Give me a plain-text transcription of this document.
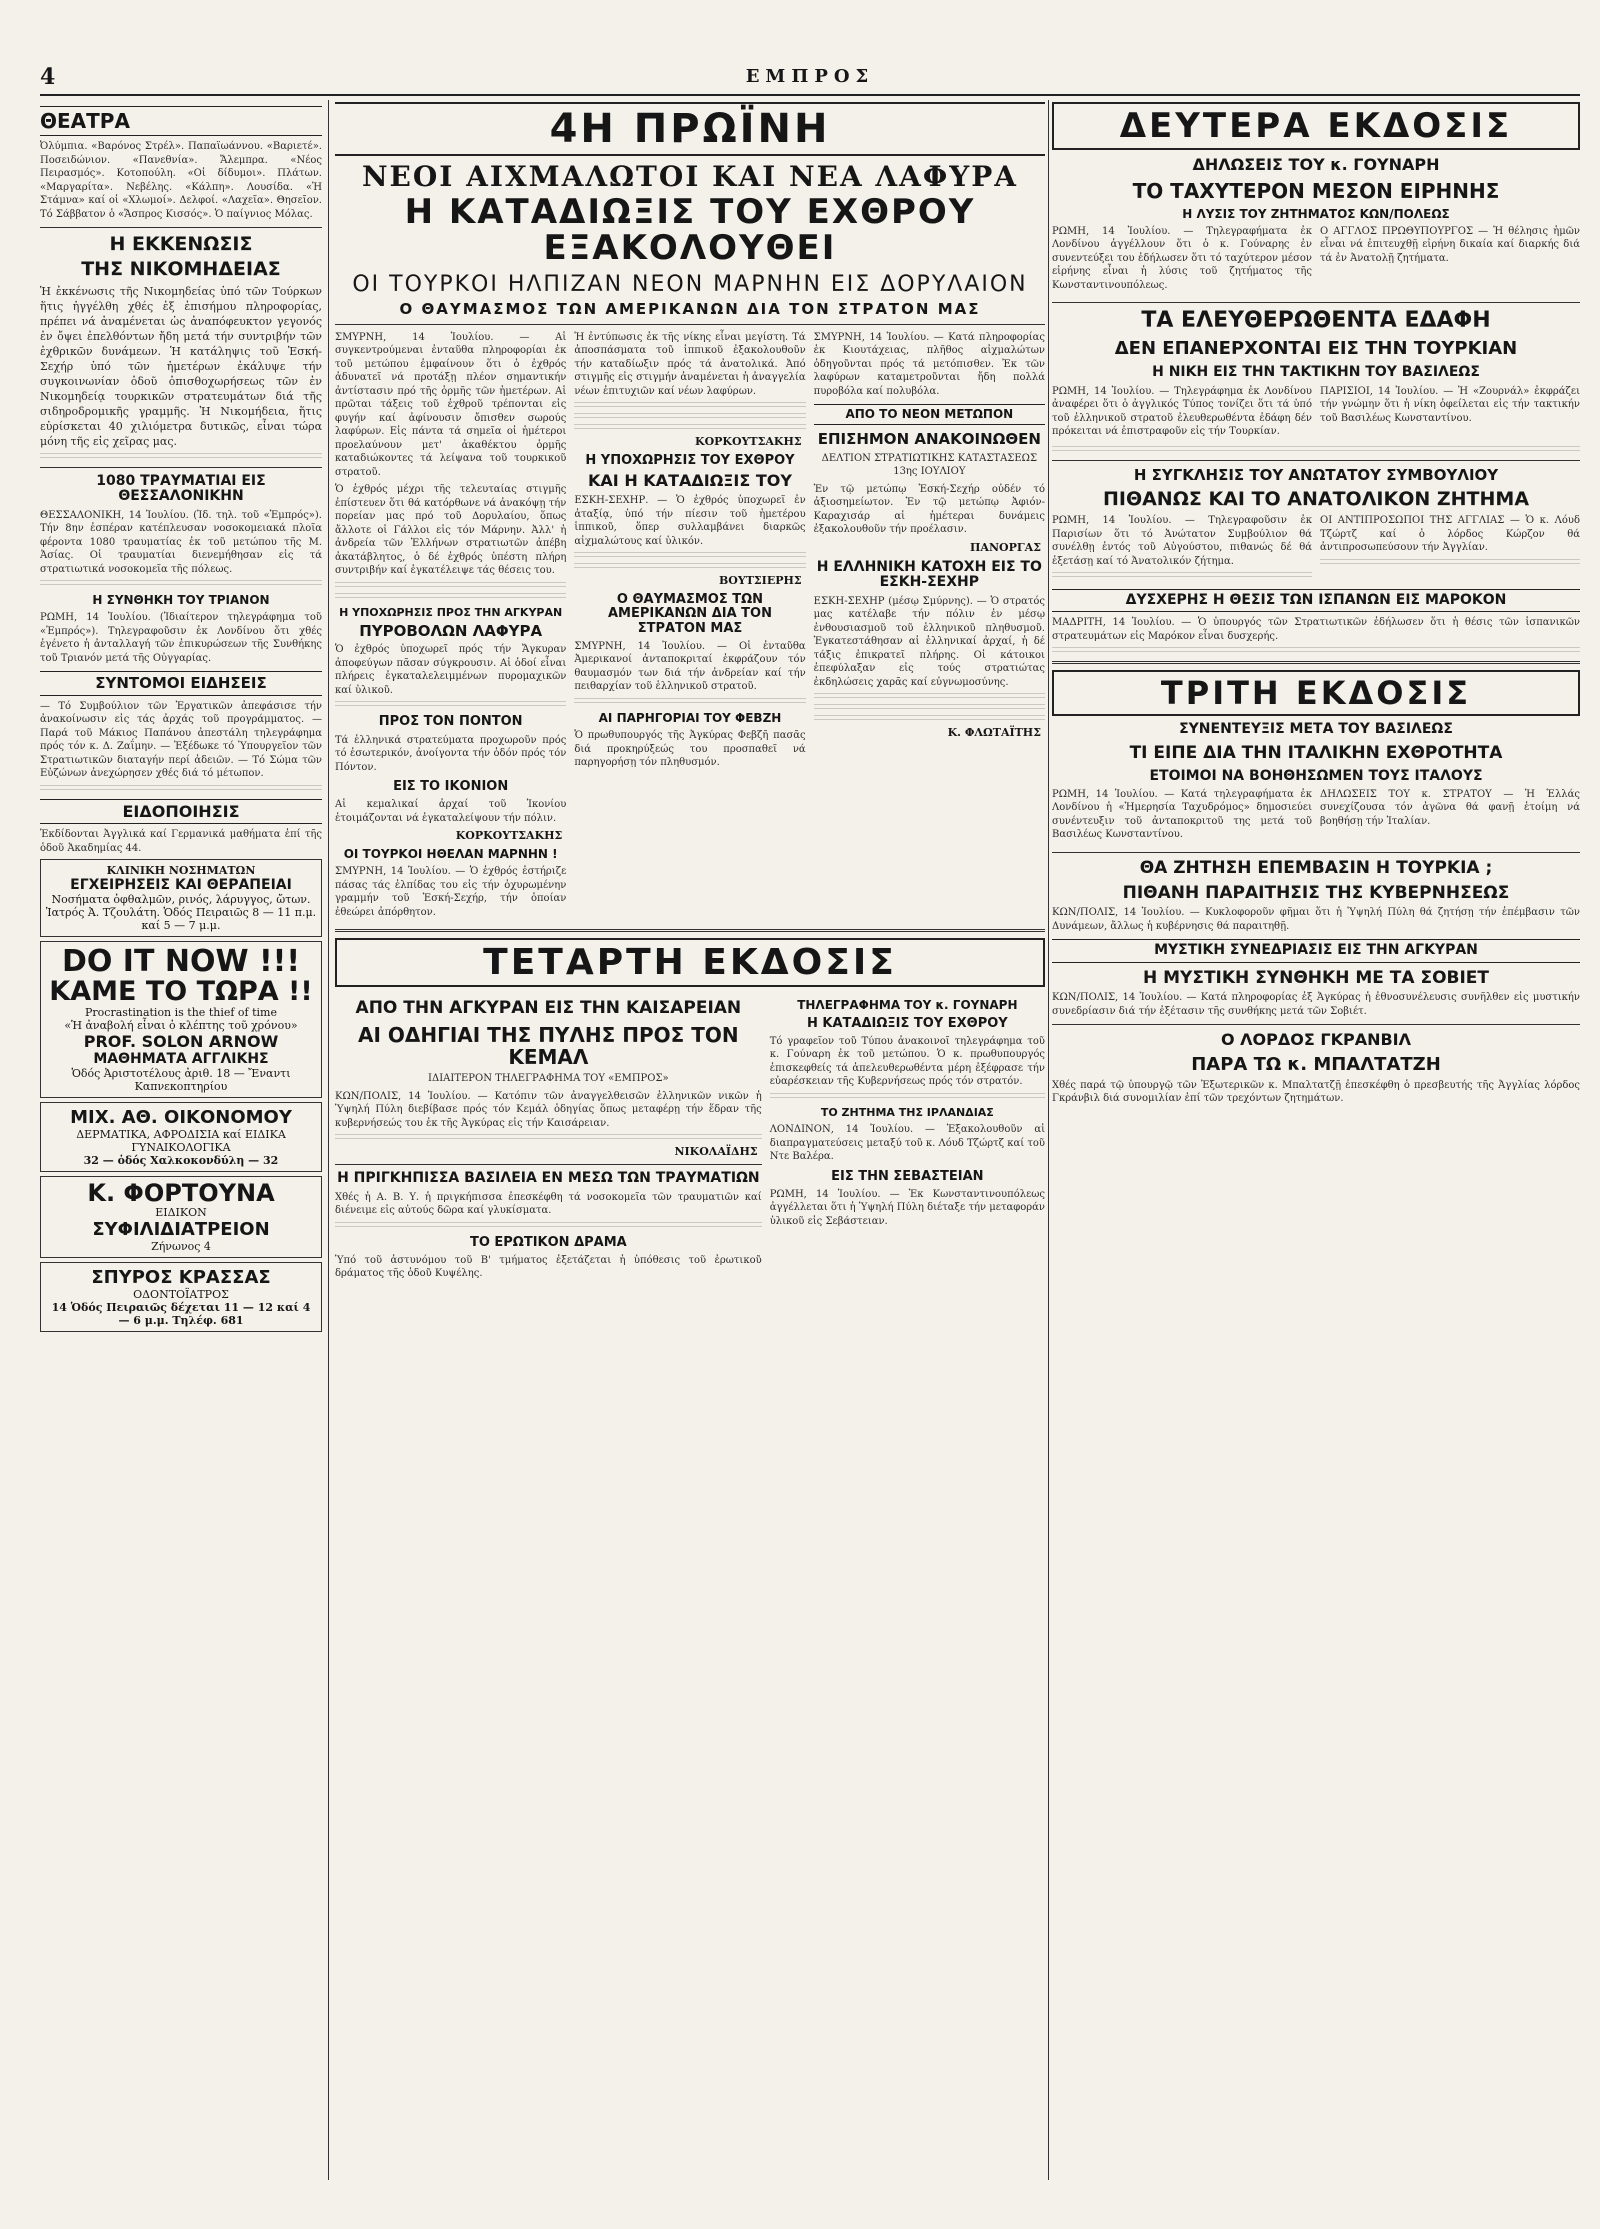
4	ΕΜΠΡΟΣ
ΘΕΑΤΡΑ

Ὀλύμπια. «Βαρόνος Στρέλ». Παπαϊωάννου. «Βαριετέ». Ποσειδώνιον. «Πανεθνία». Ἄλεμπρα. «Νέος Πειρασμός». Κοτοπούλη. «Οἱ δίδυμοι». Πλάτων. «Μαργαρίτα». Νεβέλης. «Κάλπη». Λουσίδα. «Ἡ Στάμνα» καί οἱ «Χλωμοί». Δελφοί. «Λαχεῖα». Θησεῖον. Τό Σάββατον ὁ «Ἄσπρος Κισσός». Ὁ παίγνιος Μόλας.

Η ΕΚΚΕΝΩΣΙΣ
ΤΗΣ ΝΙΚΟΜΗΔΕΙΑΣ

Ἡ ἐκκένωσις τῆς Νικομηδείας ὑπό τῶν Τούρκων ἥτις ἠγγέλθη χθές ἐξ ἐπισήμου πληροφορίας, πρέπει νά ἀναμένεται ὡς ἀναπόφευκτον γεγονός ἐν ὄψει ἐπελθόντων ἤδη μετά τήν συντριβήν τῶν ἐχθρικῶν δυνάμεων. Ἡ κατάληψις τοῦ Ἐσκή-Σεχήρ ὑπό τῶν ἡμετέρων ἐκάλυψε τήν συγκοινωνίαν ὁδοῦ ὀπισθοχωρήσεως τῶν ἐν Νικομηδείᾳ τουρκικῶν στρατευμάτων διά τῆς σιδηροδρομικῆς γραμμῆς. Ἡ Νικομήδεια, ἥτις εὑρίσκεται 40 χιλιόμετρα δυτικῶς, εἶναι τώρα μόνη τῆς εἰς χεῖρας μας.

1080 ΤΡΑΥΜΑΤΙΑΙ ΕΙΣ ΘΕΣΣΑΛΟΝΙΚΗΝ

ΘΕΣΣΑΛΟΝΙΚΗ, 14 Ἰουλίου. (Ἰδ. τηλ. τοῦ «Ἐμπρός»). Τήν 8ην ἐσπέραν κατέπλευσαν νοσοκομειακά πλοῖα φέροντα 1080 τραυματίας ἐκ τοῦ μετώπου τῆς Μ. Ἀσίας. Οἱ τραυματίαι διενεμήθησαν εἰς τά στρατιωτικά νοσοκομεῖα τῆς πόλεως.

Η ΣΥΝΘΗΚΗ ΤΟΥ ΤΡΙΑΝΟΝ

ΡΩΜΗ, 14 Ἰουλίου. (Ἰδιαίτερον τηλεγράφημα τοῦ «Ἐμπρός»). Τηλεγραφοῦσιν ἐκ Λονδίνου ὅτι χθές ἐγένετο ἡ ἀνταλλαγή τῶν ἐπικυρώσεων τῆς Συνθήκης τοῦ Τριανόν μετά τῆς Οὐγγαρίας.

ΣΥΝΤΟΜΟΙ ΕΙΔΗΣΕΙΣ

— Τό Συμβούλιον τῶν Ἐργατικῶν ἀπεφάσισε τήν ἀνακοίνωσιν εἰς τάς ἀρχάς τοῦ προγράμματος. — Παρά τοῦ Μάκιος Παπάνου ἀπεστάλη τηλεγράφημα πρός τόν κ. Δ. Ζαΐμην. — Ἐξέδωκε τό Ὑπουργεῖον τῶν Στρατιωτικῶν διαταγήν περί ἀδειῶν. — Τό Σώμα τῶν Εὐζώνων ἀνεχώρησεν χθές διά τό μέτωπον.

ΕΙΔΟΠΟΙΗΣΙΣ

Ἐκδίδονται Ἀγγλικά καί Γερμανικά μαθήματα ἐπί τῆς ὁδοῦ Ἀκαδημίας 44.

ΚΛΙΝΙΚΗ ΝΟΣΗΜΑΤΩΝ
ΕΓΧΕΙΡΗΣΕΙΣ ΚΑΙ ΘΕΡΑΠΕΙΑΙ
Νοσήματα ὀφθαλμῶν, ρινός, λάρυγγος, ὤτων. Ἰατρός Ἀ. Τζουλάτη. Ὁδός Πειραιῶς 8 — 11 π.μ. καί 5 — 7 μ.μ.
DO IT NOW !!!
ΚΑΜΕ ΤΟ ΤΩΡΑ !!
Procrastination is the thief of time
«Ἡ ἀναβολή εἶναι ὁ κλέπτης τοῦ χρόνου»
PROF. SOLON ARNOW
ΜΑΘΗΜΑΤΑ ΑΓΓΛΙΚΗΣ
Ὁδός Ἀριστοτέλους ἀριθ. 18 — Ἔναντι Καπνεκοπτηρίου
ΜΙΧ. ΑΘ. ΟΙΚΟΝΟΜΟΥ
ΔΕΡΜΑΤΙΚΑ, ΑΦΡΟΔΙΣΙΑ καί ΕΙΔΙΚΑ ΓΥΝΑΙΚΟΛΟΓΙΚΑ
32 — ὁδός Χαλκοκονδύλη — 32
Κ. ΦΟΡΤΟΥΝΑ
ΕΙΔΙΚΟΝ
ΣΥΦΙΛΙΔΙΑΤΡΕΙΟΝ
Ζήνωνος 4
ΣΠΥΡΟΣ ΚΡΑΣΣΑΣ
ΟΔΟΝΤΟΪΑΤΡΟΣ
14 Ὁδός Πειραιῶς δέχεται 11 — 12 καί 4 — 6 μ.μ. Τηλέφ. 681
4Η ΠΡΩΪΝΗ
ΝΕΟΙ ΑΙΧΜΑΛΩΤΟΙ ΚΑΙ ΝΕΑ ΛΑΦΥΡΑ
Η ΚΑΤΑΔΙΩΞΙΣ ΤΟΥ ΕΧΘΡΟΥ ΕΞΑΚΟΛΟΥΘΕΙ
ΟΙ ΤΟΥΡΚΟΙ ΗΛΠΙΖΑΝ ΝΕΟΝ ΜΑΡΝΗΝ ΕΙΣ ΔΟΡΥΛΑΙΟΝ
Ο ΘΑΥΜΑΣΜΟΣ ΤΩΝ ΑΜΕΡΙΚΑΝΩΝ ΔΙΑ ΤΟΝ ΣΤΡΑΤΟΝ ΜΑΣ

ΣΜΥΡΝΗ, 14 Ἰουλίου. — Αἱ συγκεντρούμεναι ἐνταῦθα πληροφορίαι ἐκ τοῦ μετώπου ἐμφαίνουν ὅτι ὁ ἐχθρός ἀδυνατεῖ νά προτάξῃ πλέον σημαντικήν ἀντίστασιν πρό τῆς ὁρμῆς τῶν ἡμετέρων. Αἱ πρῶται τάξεις τοῦ ἐχθροῦ τρέπονται εἰς φυγήν καί ἀφίνουσιν ὄπισθεν σωρούς λαφύρων. Εἰς πάντα τά σημεῖα οἱ ἡμέτεροι προελαύνουν μετ' ἀκαθέκτου ὁρμῆς καταδιώκοντες τά λείψανα τοῦ τουρκικοῦ στρατοῦ.

Ὁ ἐχθρός μέχρι τῆς τελευταίας στιγμῆς ἐπίστευεν ὅτι θά κατόρθωνε νά ἀνακόψῃ τήν πορείαν μας πρό τοῦ Δορυλαίου, ὅπως ἄλλοτε οἱ Γάλλοι εἰς τόν Μάρνην. Ἀλλ' ἡ ἀνδρεία τῶν Ἑλλήνων στρατιωτῶν ἀπέβη ἀκατάβλητος, ὁ δέ ἐχθρός ὑπέστη πλήρη συντριβήν καί ἐγκατέλειψε τάς θέσεις του.

Η ΥΠΟΧΩΡΗΣΙΣ ΠΡΟΣ ΤΗΝ ΑΓΚΥΡΑΝ
ΠΥΡΟΒΟΛΩΝ ΛΑΦΥΡΑ

Ὁ ἐχθρός ὑποχωρεῖ πρός τήν Ἄγκυραν ἀποφεύγων πᾶσαν σύγκρουσιν. Αἱ ὁδοί εἶναι πλήρεις ἐγκαταλελειμμένων πυρομαχικῶν καί ὑλικοῦ.

ΠΡΟΣ ΤΟΝ ΠΟΝΤΟΝ

Τά ἑλληνικά στρατεύματα προχωροῦν πρός τό ἐσωτερικόν, ἀνοίγοντα τήν ὁδόν πρός τόν Πόντον.

ΕΙΣ ΤΟ ΙΚΟΝΙΟΝ

Αἱ κεμαλικαί ἀρχαί τοῦ Ἰκονίου ἑτοιμάζονται νά ἐγκαταλείψουν τήν πόλιν.

ΚΟΡΚΟΥΤΣΑΚΗΣ
ΟΙ ΤΟΥΡΚΟΙ ΗΘΕΛΑΝ ΜΑΡΝΗΝ !

ΣΜΥΡΝΗ, 14 Ἰουλίου. — Ὁ ἐχθρός ἐστήριζε πάσας τάς ἐλπίδας του εἰς τήν ὀχυρωμένην γραμμήν τοῦ Ἐσκή-Σεχήρ, τήν ὁποίαν ἐθεώρει ἀπόρθητον.

Ἡ ἐντύπωσις ἐκ τῆς νίκης εἶναι μεγίστη. Τά ἀποσπάσματα τοῦ ἱππικοῦ ἐξακολουθοῦν τήν καταδίωξιν πρός τά ἀνατολικά. Ἀπό στιγμῆς εἰς στιγμήν ἀναμένεται ἡ ἀναγγελία νέων ἐπιτυχιῶν καί νέων λαφύρων.

ΚΟΡΚΟΥΤΣΑΚΗΣ
Η ΥΠΟΧΩΡΗΣΙΣ ΤΟΥ ΕΧΘΡΟΥ
ΚΑΙ Η ΚΑΤΑΔΙΩΞΙΣ ΤΟΥ

ΕΣΚΗ-ΣΕΧΗΡ. — Ὁ ἐχθρός ὑποχωρεῖ ἐν ἀταξίᾳ, ὑπό τήν πίεσιν τοῦ ἡμετέρου ἱππικοῦ, ὅπερ συλλαμβάνει διαρκῶς αἰχμαλώτους καί ὑλικόν.

ΒΟΥΤΣΙΕΡΗΣ
Ο ΘΑΥΜΑΣΜΟΣ ΤΩΝ ΑΜΕΡΙΚΑΝΩΝ ΔΙΑ ΤΟΝ ΣΤΡΑΤΟΝ ΜΑΣ

ΣΜΥΡΝΗ, 14 Ἰουλίου. — Οἱ ἐνταῦθα Ἀμερικανοί ἀνταποκριταί ἐκφράζουν τόν θαυμασμόν των διά τήν ἀνδρείαν καί τήν πειθαρχίαν τοῦ ἑλληνικοῦ στρατοῦ.

ΑΙ ΠΑΡΗΓΟΡΙΑΙ ΤΟΥ ΦΕΒΖΗ

Ὁ πρωθυπουργός τῆς Ἀγκύρας Φεβζῆ πασᾶς διά προκηρύξεώς του προσπαθεῖ νά παρηγορήσῃ τόν πληθυσμόν.

ΣΜΥΡΝΗ, 14 Ἰουλίου. — Κατά πληροφορίας ἐκ Κιουτάχειας, πλῆθος αἰχμαλώτων ὁδηγοῦνται πρός τά μετόπισθεν. Ἐκ τῶν λαφύρων καταμετροῦνται ἤδη πολλά πυροβόλα καί πολυβόλα.

ΑΠΟ ΤΟ ΝΕΟΝ ΜΕΤΩΠΟΝ
ΕΠΙΣΗΜΟΝ ΑΝΑΚΟΙΝΩΘΕΝ
ΔΕΛΤΙΟΝ ΣΤΡΑΤΙΩΤΙΚΗΣ ΚΑΤΑΣΤΑΣΕΩΣ 13ης ΙΟΥΛΙΟΥ

Ἐν τῷ μετώπῳ Ἐσκή-Σεχήρ οὐδέν τό ἀξιοσημείωτον. Ἐν τῷ μετώπῳ Ἀφιόν-Καραχισάρ αἱ ἡμέτεραι δυνάμεις ἐξακολουθοῦν τήν προέλασιν.

ΠΑΝΟΡΓΑΣ
Η ΕΛΛΗΝΙΚΗ ΚΑΤΟΧΗ ΕΙΣ ΤΟ ΕΣΚΗ-ΣΕΧΗΡ

ΕΣΚΗ-ΣΕΧΗΡ (μέσῳ Σμύρνης). — Ὁ στρατός μας κατέλαβε τήν πόλιν ἐν μέσῳ ἐνθουσιασμοῦ τοῦ ἑλληνικοῦ πληθυσμοῦ. Ἐγκατεστάθησαν αἱ ἑλληνικαί ἀρχαί, ἡ δέ τάξις ἐπικρατεῖ πλήρης. Οἱ κάτοικοι ἐπεφύλαξαν εἰς τούς στρατιώτας ἐκδηλώσεις χαρᾶς καί εὐγνωμοσύνης.

Κ. ΦΛΩΤΑΪΤΗΣ
ΤΕΤΑΡΤΗ ΕΚΔΟΣΙΣ
ΑΠΟ ΤΗΝ ΑΓΚΥΡΑΝ ΕΙΣ ΤΗΝ ΚΑΙΣΑΡΕΙΑΝ
ΑΙ ΟΔΗΓΙΑΙ ΤΗΣ ΠΥΛΗΣ ΠΡΟΣ ΤΟΝ ΚΕΜΑΛ
ΙΔΙΑΙΤΕΡΟΝ ΤΗΛΕΓΡΑΦΗΜΑ ΤΟΥ «ΕΜΠΡΟΣ»

ΚΩΝ/ΠΟΛΙΣ, 14 Ἰουλίου. — Κατόπιν τῶν ἀναγγελθεισῶν ἑλληνικῶν νικῶν ἡ Ὑψηλή Πύλη διεβίβασε πρός τόν Κεμάλ ὁδηγίας ὅπως μεταφέρῃ τήν ἕδραν τῆς κυβερνήσεώς του ἐκ τῆς Ἀγκύρας εἰς τήν Καισάρειαν.

ΝΙΚΟΛΑΪΔΗΣ
Η ΠΡΙΓΚΗΠΙΣΣΑ ΒΑΣΙΛΕΙΑ ΕΝ ΜΕΣΩ ΤΩΝ ΤΡΑΥΜΑΤΙΩΝ

Χθές ἡ Α. Β. Υ. ἡ πριγκήπισσα ἐπεσκέφθη τά νοσοκομεῖα τῶν τραυματιῶν καί διένειμε εἰς αὐτούς δῶρα καί γλυκίσματα.

ΤΟ ΕΡΩΤΙΚΟΝ ΔΡΑΜΑ

Ὑπό τοῦ ἀστυνόμου τοῦ Β' τμήματος ἐξετάζεται ἡ ὑπόθεσις τοῦ ἐρωτικοῦ δράματος τῆς ὁδοῦ Κυψέλης.

ΤΗΛΕΓΡΑΦΗΜΑ ΤΟΥ κ. ΓΟΥΝΑΡΗ
Η ΚΑΤΑΔΙΩΞΙΣ ΤΟΥ ΕΧΘΡΟΥ

Τό γραφεῖον τοῦ Τύπου ἀνακοινοῖ τηλεγράφημα τοῦ κ. Γούναρη ἐκ τοῦ μετώπου. Ὁ κ. πρωθυπουργός ἐπισκεφθείς τά ἀπελευθερωθέντα μέρη ἐξέφρασε τήν εὐαρέσκειαν τῆς Κυβερνήσεως πρός τόν στρατόν.

ΤΟ ΖΗΤΗΜΑ ΤΗΣ ΙΡΛΑΝΔΙΑΣ

ΛΟΝΔΙΝΟΝ, 14 Ἰουλίου. — Ἐξακολουθοῦν αἱ διαπραγματεύσεις μεταξύ τοῦ κ. Λόυδ Τζώρτζ καί τοῦ Ντε Βαλέρα.

ΕΙΣ ΤΗΝ ΣΕΒΑΣΤΕΙΑΝ

ΡΩΜΗ, 14 Ἰουλίου. — Ἐκ Κωνσταντινουπόλεως ἀγγέλλεται ὅτι ἡ Ὑψηλή Πύλη διέταξε τήν μεταφοράν ὑλικοῦ εἰς Σεβάστειαν.

ΔΕΥΤΕΡΑ ΕΚΔΟΣΙΣ
ΔΗΛΩΣΕΙΣ ΤΟΥ κ. ΓΟΥΝΑΡΗ
ΤΟ ΤΑΧΥΤΕΡΟΝ ΜΕΣΟΝ ΕΙΡΗΝΗΣ
Η ΛΥΣΙΣ ΤΟΥ ΖΗΤΗΜΑΤΟΣ ΚΩΝ/ΠΟΛΕΩΣ

ΡΩΜΗ, 14 Ἰουλίου. — Τηλεγραφήματα ἐκ Λονδίνου ἀγγέλλουν ὅτι ὁ κ. Γούναρης ἐν συνεντεύξει του ἐδήλωσεν ὅτι τό ταχύτερον μέσον εἰρήνης εἶναι ἡ λύσις τοῦ ζητήματος τῆς Κωνσταντινουπόλεως.

Ο ΑΓΓΛΟΣ ΠΡΩΘΥΠΟΥΡΓΟΣ — Ἡ θέλησις ἡμῶν εἶναι νά ἐπιτευχθῇ εἰρήνη δικαία καί διαρκής διά τά ἐν Ἀνατολῇ ζητήματα.

ΤΑ ΕΛΕΥΘΕΡΩΘΕΝΤΑ ΕΔΑΦΗ
ΔΕΝ ΕΠΑΝΕΡΧΟΝΤΑΙ ΕΙΣ ΤΗΝ ΤΟΥΡΚΙΑΝ
Η ΝΙΚΗ ΕΙΣ ΤΗΝ ΤΑΚΤΙΚΗΝ ΤΟΥ ΒΑΣΙΛΕΩΣ

ΡΩΜΗ, 14 Ἰουλίου. — Τηλεγράφημα ἐκ Λονδίνου ἀναφέρει ὅτι ὁ ἀγγλικός Τύπος τονίζει ὅτι τά ὑπό τοῦ ἑλληνικοῦ στρατοῦ ἐλευθερωθέντα ἐδάφη δέν πρόκειται νά ἐπιστραφοῦν εἰς τήν Τουρκίαν.

ΠΑΡΙΣΙΟΙ, 14 Ἰουλίου. — Ἡ «Ζουρνάλ» ἐκφράζει τήν γνώμην ὅτι ἡ νίκη ὀφείλεται εἰς τήν τακτικήν τοῦ Βασιλέως Κωνσταντίνου.

Η ΣΥΓΚΛΗΣΙΣ ΤΟΥ ΑΝΩΤΑΤΟΥ ΣΥΜΒΟΥΛΙΟΥ
ΠΙΘΑΝΩΣ ΚΑΙ ΤΟ ΑΝΑΤΟΛΙΚΟΝ ΖΗΤΗΜΑ

ΡΩΜΗ, 14 Ἰουλίου. — Τηλεγραφοῦσιν ἐκ Παρισίων ὅτι τό Ἀνώτατον Συμβούλιον θά συνέλθῃ ἐντός τοῦ Αὐγούστου, πιθανώς δέ θά ἐξετάσῃ καί τό Ἀνατολικόν ζήτημα.

ΟΙ ΑΝΤΙΠΡΟΣΩΠΟΙ ΤΗΣ ΑΓΓΛΙΑΣ — Ὁ κ. Λόυδ Τζώρτζ καί ὁ λόρδος Κώρζον θά ἀντιπροσωπεύσουν τήν Ἀγγλίαν.

ΔΥΣΧΕΡΗΣ Η ΘΕΣΙΣ ΤΩΝ ΙΣΠΑΝΩΝ ΕΙΣ ΜΑΡΟΚΟΝ

ΜΑΔΡΙΤΗ, 14 Ἰουλίου. — Ὁ ὑπουργός τῶν Στρατιωτικῶν ἐδήλωσεν ὅτι ἡ θέσις τῶν ἱσπανικῶν στρατευμάτων εἰς Μαρόκον εἶναι δυσχερής.

ΤΡΙΤΗ ΕΚΔΟΣΙΣ
ΣΥΝΕΝΤΕΥΞΙΣ ΜΕΤΑ ΤΟΥ ΒΑΣΙΛΕΩΣ
ΤΙ ΕΙΠΕ ΔΙΑ ΤΗΝ ΙΤΑΛΙΚΗΝ ΕΧΘΡΟΤΗΤΑ
ΕΤΟΙΜΟΙ ΝΑ ΒΟΗΘΗΣΩΜΕΝ ΤΟΥΣ ΙΤΑΛΟΥΣ

ΡΩΜΗ, 14 Ἰουλίου. — Κατά τηλεγραφήματα ἐκ Λονδίνου ἡ «Ἡμερησία Ταχυδρόμος» δημοσιεύει συνέντευξιν τοῦ ἀνταποκριτοῦ της μετά τοῦ Βασιλέως Κωνσταντίνου.

ΔΗΛΩΣΕΙΣ ΤΟΥ κ. ΣΤΡΑΤΟΥ — Ἡ Ἑλλάς συνεχίζουσα τόν ἀγῶνα θά φανῇ ἑτοίμη νά βοηθήσῃ τήν Ἰταλίαν.

ΘΑ ΖΗΤΗΣΗ ΕΠΕΜΒΑΣΙΝ Η ΤΟΥΡΚΙΑ ;
ΠΙΘΑΝΗ ΠΑΡΑΙΤΗΣΙΣ ΤΗΣ ΚΥΒΕΡΝΗΣΕΩΣ

ΚΩΝ/ΠΟΛΙΣ, 14 Ἰουλίου. — Κυκλοφοροῦν φῆμαι ὅτι ἡ Ὑψηλή Πύλη θά ζητήσῃ τήν ἐπέμβασιν τῶν Δυνάμεων, ἄλλως ἡ κυβέρνησις θά παραιτηθῇ.

ΜΥΣΤΙΚΗ ΣΥΝΕΔΡΙΑΣΙΣ ΕΙΣ ΤΗΝ ΑΓΚΥΡΑΝ
Η ΜΥΣΤΙΚΗ ΣΥΝΘΗΚΗ ΜΕ ΤΑ ΣΟΒΙΕΤ

ΚΩΝ/ΠΟΛΙΣ, 14 Ἰουλίου. — Κατά πληροφορίας ἐξ Ἀγκύρας ἡ ἐθνοσυνέλευσις συνῆλθεν εἰς μυστικήν συνεδρίασιν διά τήν ἐξέτασιν τῆς συνθήκης μετά τῶν Σοβιέτ.

Ο ΛΟΡΔΟΣ ΓΚΡΑΝΒΙΛ
ΠΑΡΑ ΤΩ κ. ΜΠΑΛΤΑΤΖΗ

Χθές παρά τῷ ὑπουργῷ τῶν Ἐξωτερικῶν κ. Μπαλτατζῇ ἐπεσκέφθη ὁ πρεσβευτής τῆς Ἀγγλίας λόρδος Γκράνβιλ διά συνομιλίαν ἐπί τῶν τρεχόντων ζητημάτων.
